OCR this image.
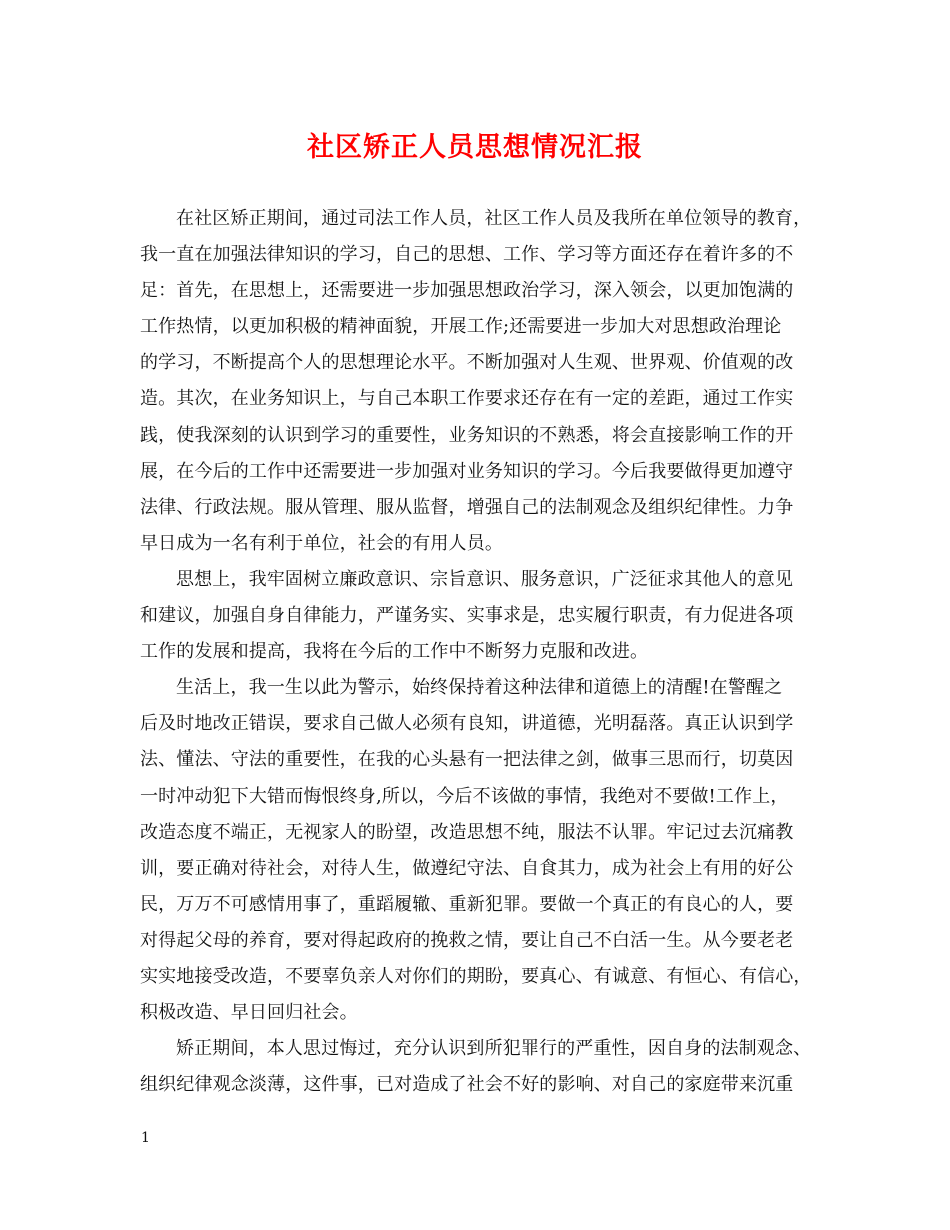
社区矫正人员思想情况汇报
在社区矫正期间，通过司法工作人员，社区工作人员及我所在单位领导的教育，
我一直在加强法律知识的学习，自己的思想、工作、学习等方面还存在着许多的不
足：首先，在思想上，还需要进一步加强思想政治学习，深入领会，以更加饱满的
工作热情，以更加积极的精神面貌，开展工作;还需要进一步加大对思想政治理论
的学习，不断提高个人的思想理论水平。不断加强对人生观、世界观、价值观的改
造。其次，在业务知识上，与自己本职工作要求还存在有一定的差距，通过工作实
践，使我深刻的认识到学习的重要性，业务知识的不熟悉，将会直接影响工作的开
展，在今后的工作中还需要进一步加强对业务知识的学习。今后我要做得更加遵守
法律、行政法规。服从管理、服从监督，增强自己的法制观念及组织纪律性。力争
早日成为一名有利于单位，社会的有用人员。
思想上，我牢固树立廉政意识、宗旨意识、服务意识，广泛征求其他人的意见
和建议，加强自身自律能力，严谨务实、实事求是，忠实履行职责，有力促进各项
工作的发展和提高，我将在今后的工作中不断努力克服和改进。
生活上，我一生以此为警示，始终保持着这种法律和道德上的清醒!在警醒之
后及时地改正错误，要求自己做人必须有良知，讲道德，光明磊落。真正认识到学
法、懂法、守法的重要性，在我的心头悬有一把法律之剑，做事三思而行，切莫因
一时冲动犯下大错而悔恨终身,所以，今后不该做的事情，我绝对不要做!工作上，
改造态度不端正，无视家人的盼望，改造思想不纯，服法不认罪。牢记过去沉痛教
训，要正确对待社会，对待人生，做遵纪守法、自食其力，成为社会上有用的好公
民，万万不可感情用事了，重蹈履辙、重新犯罪。要做一个真正的有良心的人，要
对得起父母的养育，要对得起政府的挽救之情，要让自己不白活一生。从今要老老
实实地接受改造，不要辜负亲人对你们的期盼，要真心、有诚意、有恒心、有信心，
积极改造、早日回归社会。
矫正期间，本人思过悔过，充分认识到所犯罪行的严重性，因自身的法制观念、
组织纪律观念淡薄，这件事，已对造成了社会不好的影响、对自己的家庭带来沉重
1
